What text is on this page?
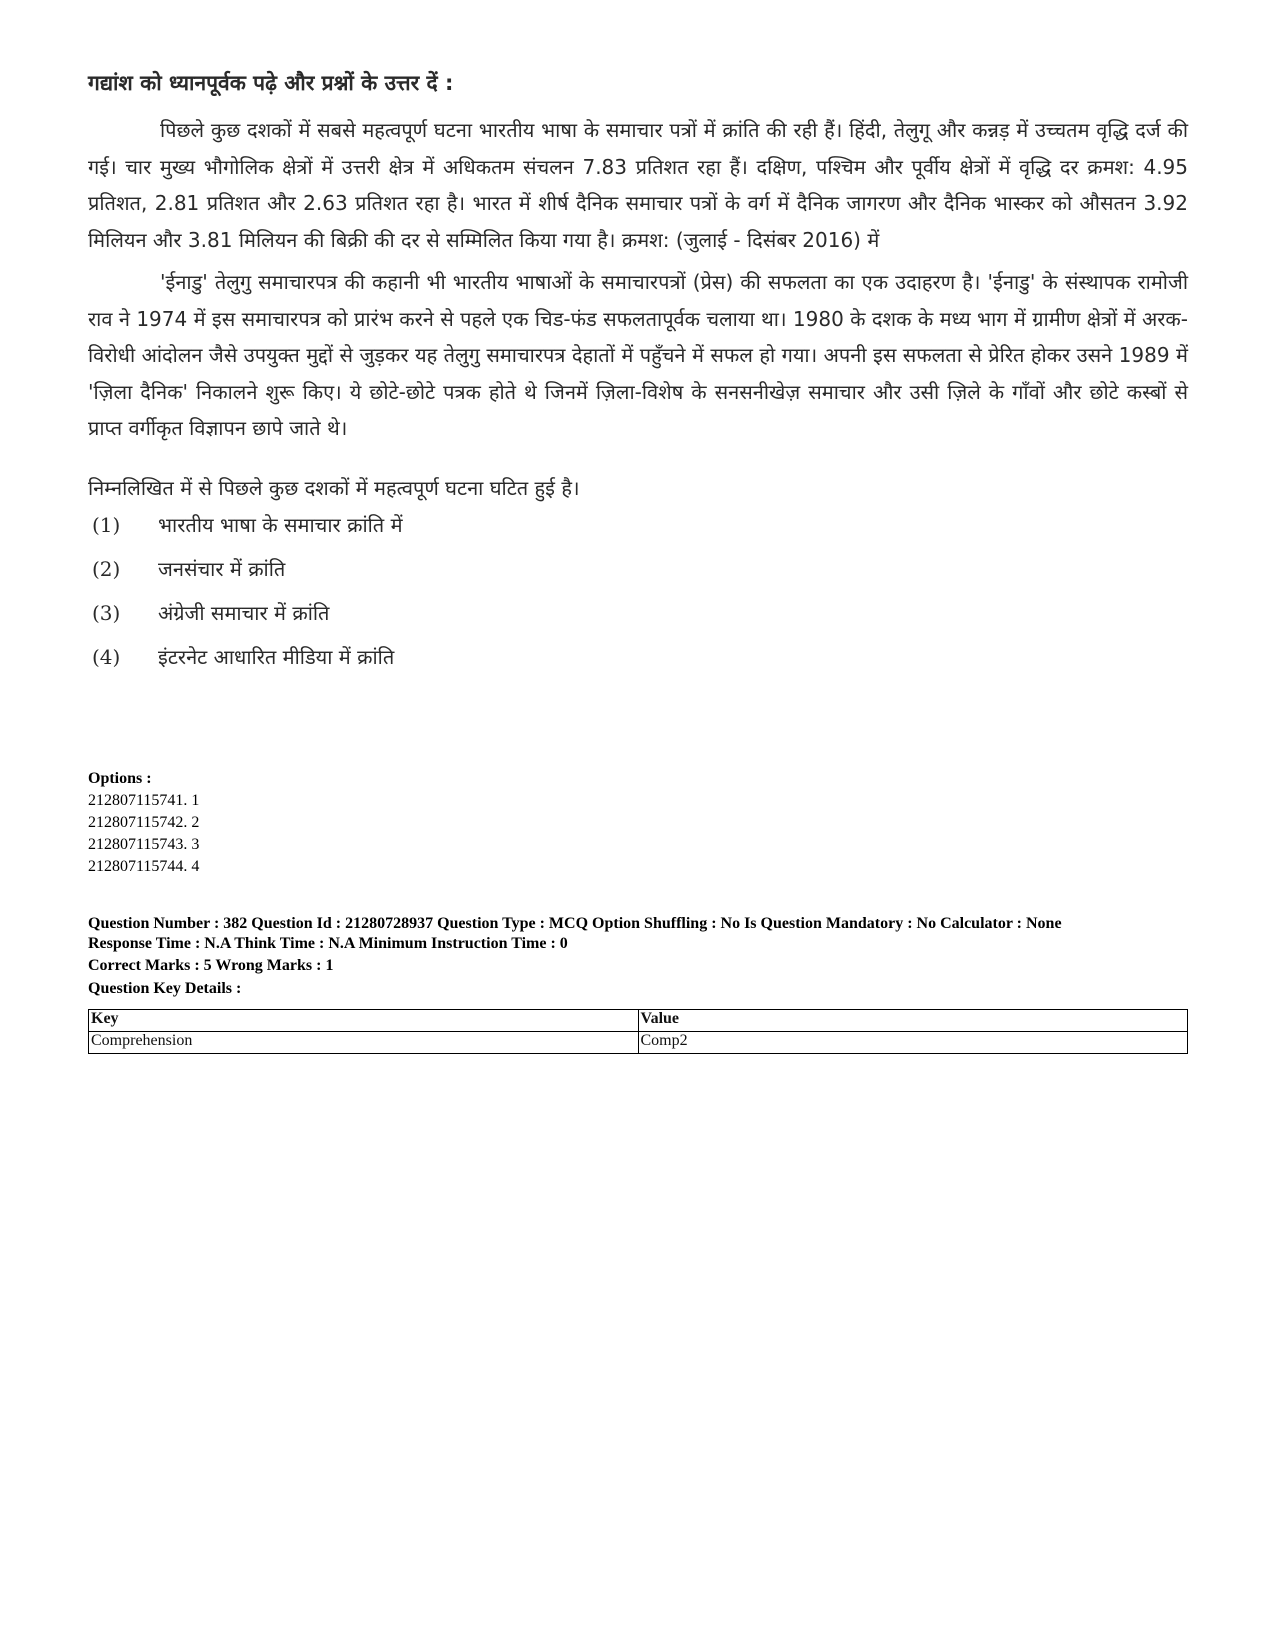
गद्यांश को ध्यानपूर्वक पढ़े और प्रश्नों के उत्तर दें :

पिछले कुछ दशकों में सबसे महत्वपूर्ण घटना भारतीय भाषा के समाचार पत्रों में क्रांति की रही हैं। हिंदी, तेलुगू और कन्नड़ में उच्चतम वृद्धि दर्ज की गई। चार मुख्य भौगोलिक क्षेत्रों में उत्तरी क्षेत्र में अधिकतम संचलन 7.83 प्रतिशत रहा हैं। दक्षिण, पश्चिम और पूर्वीय क्षेत्रों में वृद्धि दर क्रमश: 4.95 प्रतिशत, 2.81 प्रतिशत और 2.63 प्रतिशत रहा है। भारत में शीर्ष दैनिक समाचार पत्रों के वर्ग में दैनिक जागरण और दैनिक भास्कर को औसतन 3.92 मिलियन और 3.81 मिलियन की बिक्री की दर से सम्मिलित किया गया है। क्रमश: (जुलाई - दिसंबर 2016) में

'ईनाडु' तेलुगु समाचारपत्र की कहानी भी भारतीय भाषाओं के समाचारपत्रों (प्रेस) की सफलता का एक उदाहरण है। 'ईनाडु' के संस्थापक रामोजी राव ने 1974 में इस समाचारपत्र को प्रारंभ करने से पहले एक चिड-फंड सफलतापूर्वक चलाया था। 1980 के दशक के मध्य भाग में ग्रामीण क्षेत्रों में अरक-विरोधी आंदोलन जैसे उपयुक्त मुद्दों से जुड़कर यह तेलुगु समाचारपत्र देहातों में पहुँचने में सफल हो गया। अपनी इस सफलता से प्रेरित होकर उसने 1989 में 'ज़िला दैनिक' निकालने शुरू किए। ये छोटे-छोटे पत्रक होते थे जिनमें ज़िला-विशेष के सनसनीखेज़ समाचार और उसी ज़िले के गाँवों और छोटे कस्बों से प्राप्त वर्गीकृत विज्ञापन छापे जाते थे।

निम्नलिखित में से पिछले कुछ दशकों में महत्वपूर्ण घटना घटित हुई है।
(1)	भारतीय भाषा के समाचार क्रांति में
(2)	जनसंचार में क्रांति
(3)	अंग्रेजी समाचार में क्रांति
(4)	इंटरनेट आधारित मीडिया में क्रांति
Options :
212807115741. 1
212807115742. 2
212807115743. 3
212807115744. 4
Question Number : 382 Question Id : 21280728937 Question Type : MCQ Option Shuffling : No Is Question Mandatory : No Calculator : None
Response Time : N.A Think Time : N.A Minimum Instruction Time : 0
Correct Marks : 5 Wrong Marks : 1
Question Key Details :
Key	Value
Comprehension	Comp2
